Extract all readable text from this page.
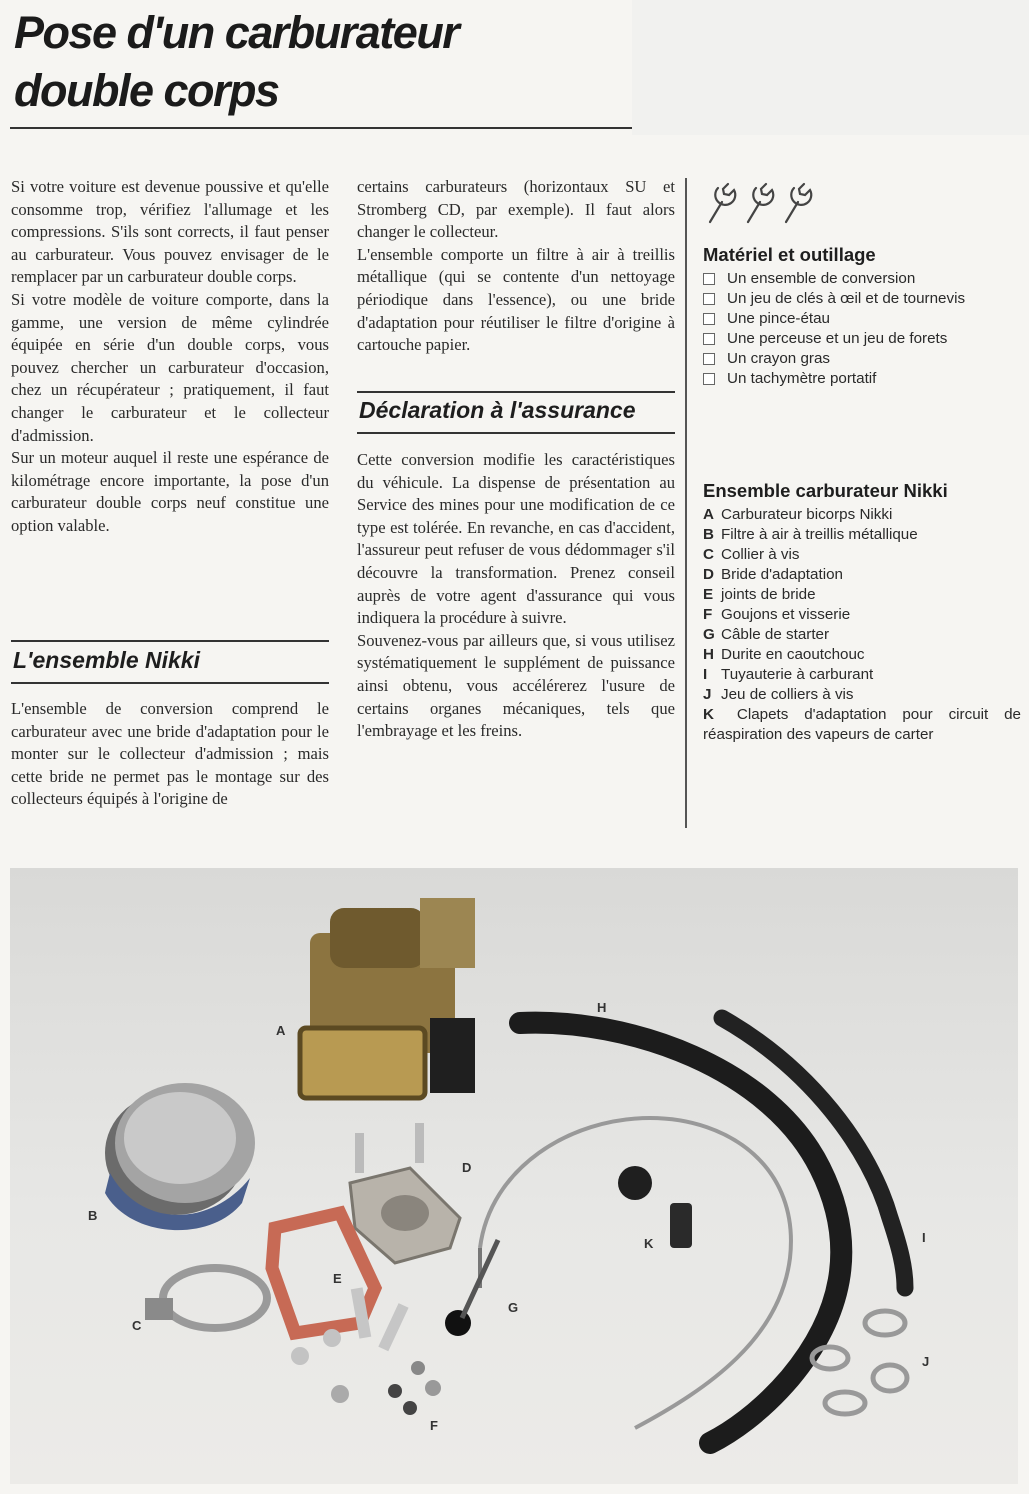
Pose d'un carburateur
double corps

Si votre voiture est devenue poussive et qu'elle consomme trop, vérifiez l'allumage et les compressions. S'ils sont corrects, il faut penser au carburateur. Vous pouvez envisager de le remplacer par un carburateur double corps.

Si votre modèle de voiture comporte, dans la gamme, une version de même cylindrée équipée en série d'un double corps, vous pouvez chercher un carburateur d'occasion, chez un récupérateur ; pratiquement, il faut changer le carburateur et le collecteur d'admission.

Sur un moteur auquel il reste une espérance de kilométrage encore importante, la pose d'un carburateur double corps neuf constitue une option valable.

L'ensemble Nikki

L'ensemble de conversion comprend le carburateur avec une bride d'adaptation pour le monter sur le collecteur d'admission ; mais cette bride ne permet pas le montage sur des collecteurs équipés à l'origine de

certains carburateurs (horizontaux SU et Stromberg CD, par exemple). Il faut alors changer le collecteur.

L'ensemble comporte un filtre à air à treillis métallique (qui se contente d'un nettoyage périodique dans l'essence), ou une bride d'adaptation pour réutiliser le filtre d'origine à cartouche papier.

Déclaration à l'assurance

Cette conversion modifie les caractéristiques du véhicule. La dispense de présentation au Service des mines pour une modification de ce type est tolérée. En revanche, en cas d'accident, l'assureur peut refuser de vous dédommager s'il découvre la transformation. Prenez conseil auprès de votre agent d'assurance qui vous indiquera la procédure à suivre.

Souvenez-vous par ailleurs que, si vous utilisez systématiquement le supplément de puissance ainsi obtenu, vous accélérerez l'usure de certains organes mécaniques, tels que l'embrayage et les freins.

Matériel et outillage
Un ensemble de conversion
Un jeu de clés à œil et de tournevis
Une pince-étau
Une perceuse et un jeu de forets
Un crayon gras
Un tachymètre portatif
Ensemble carburateur Nikki
A Carburateur bicorps Nikki
B Filtre à air à treillis métallique
C Collier à vis
D Bride d'adaptation
E joints de bride
F Goujons et visserie
G Câble de starter
H Durite en caoutchouc
I Tuyauterie à carburant
J Jeu de colliers à vis
K Clapets d'adaptation pour circuit de réaspiration des vapeurs de carter
A
B
C
D
E
F
G
H
I
J
K
